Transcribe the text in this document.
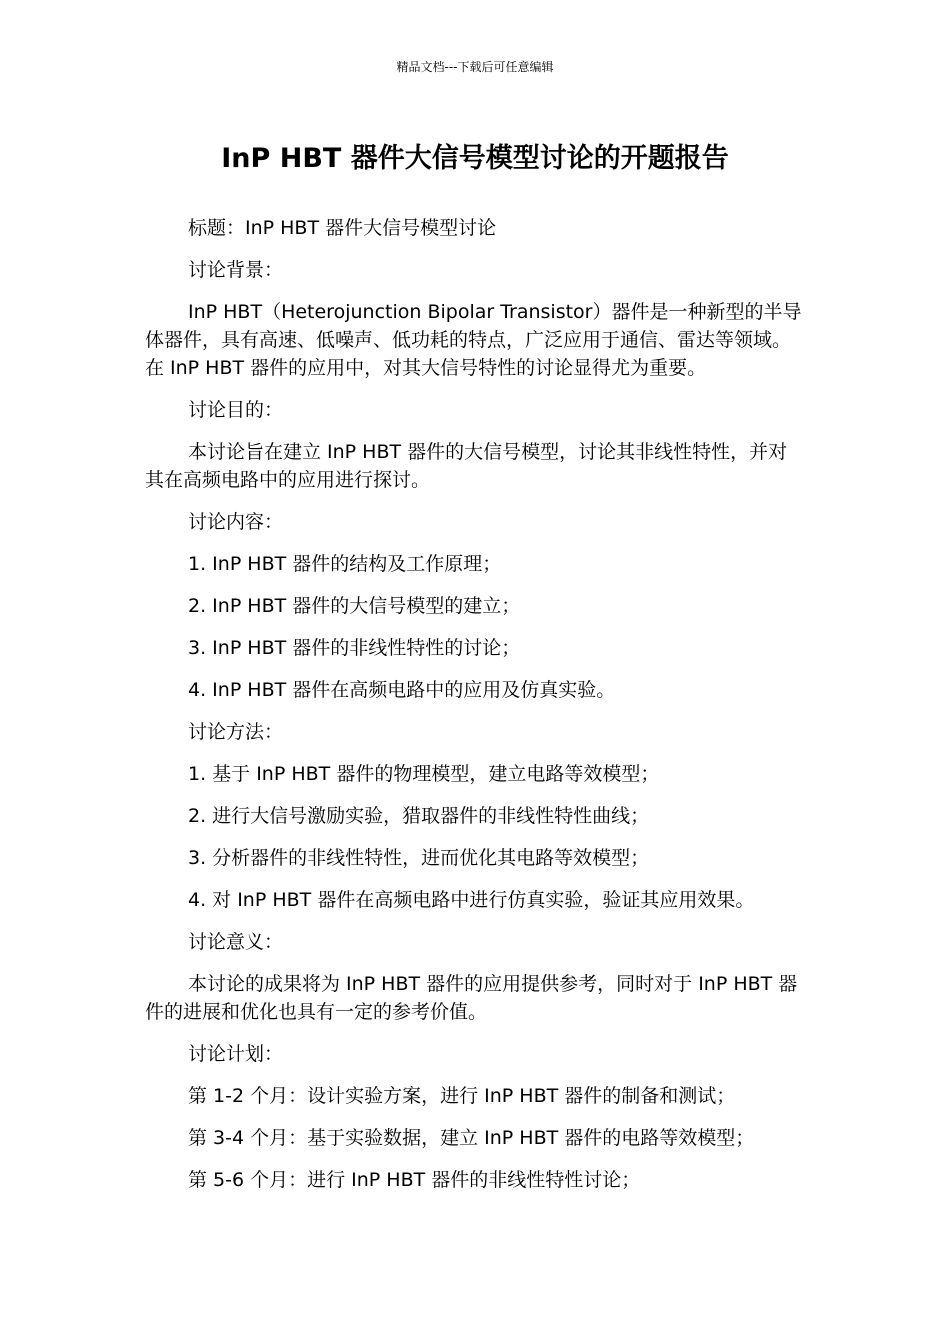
精品文档---下载后可任意编辑
InP HBT 器件大信号模型讨论的开题报告

标题：InP HBT 器件大信号模型讨论

讨论背景：

InP HBT（Heterojunction Bipolar Transistor）器件是一种新型的半导体器件，具有高速、低噪声、低功耗的特点，广泛应用于通信、雷达等领域。在 InP HBT 器件的应用中，对其大信号特性的讨论显得尤为重要。

讨论目的：

本讨论旨在建立 InP HBT 器件的大信号模型，讨论其非线性特性，并对其在高频电路中的应用进行探讨。

讨论内容：

1. InP HBT 器件的结构及工作原理；

2. InP HBT 器件的大信号模型的建立；

3. InP HBT 器件的非线性特性的讨论；

4. InP HBT 器件在高频电路中的应用及仿真实验。

讨论方法：

1. 基于 InP HBT 器件的物理模型，建立电路等效模型；

2. 进行大信号激励实验，猎取器件的非线性特性曲线；

3. 分析器件的非线性特性，进而优化其电路等效模型；

4. 对 InP HBT 器件在高频电路中进行仿真实验，验证其应用效果。

讨论意义：

本讨论的成果将为 InP HBT 器件的应用提供参考，同时对于 InP HBT 器件的进展和优化也具有一定的参考价值。

讨论计划：

第 1-2 个月：设计实验方案，进行 InP HBT 器件的制备和测试；

第 3-4 个月：基于实验数据，建立 InP HBT 器件的电路等效模型；

第 5-6 个月：进行 InP HBT 器件的非线性特性讨论；
